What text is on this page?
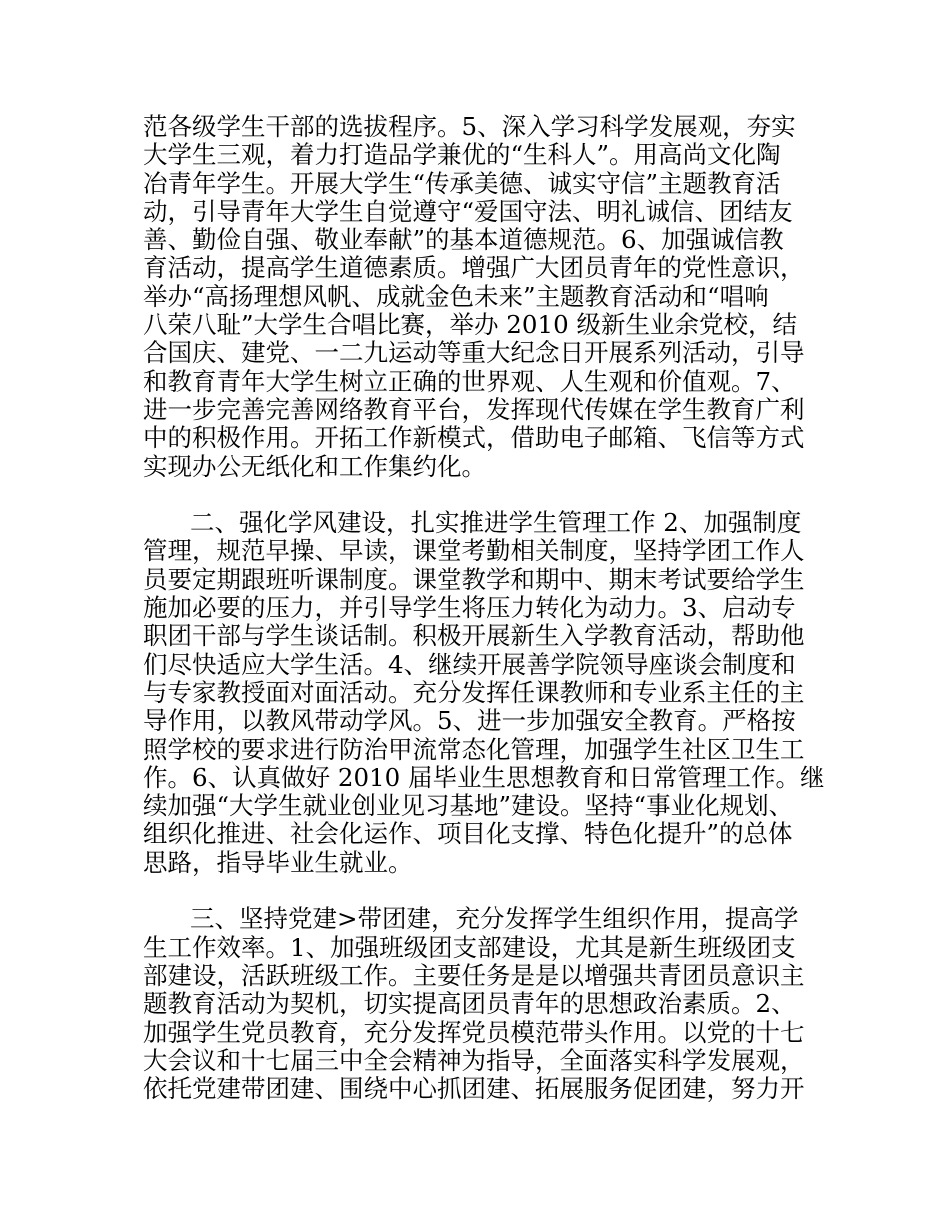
范各级学生干部的选拔程序。5、深入学习科学发展观，夯实
大学生三观，着力打造品学兼优的“生科人”。用高尚文化陶
冶青年学生。开展大学生“传承美德、诚实守信”主题教育活
动，引导青年大学生自觉遵守“爱国守法、明礼诚信、团结友
善、勤俭自强、敬业奉献”的基本道德规范。6、加强诚信教
育活动，提高学生道德素质。增强广大团员青年的党性意识，
举办“高扬理想风帆、成就金色未来”主题教育活动和“唱响
八荣八耻”大学生合唱比赛，举办 2010 级新生业余党校，结
合国庆、建党、一二九运动等重大纪念日开展系列活动，引导
和教育青年大学生树立正确的世界观、人生观和价值观。7、
进一步完善完善网络教育平台，发挥现代传媒在学生教育广利
中的积极作用。开拓工作新模式，借助电子邮箱、飞信等方式
实现办公无纸化和工作集约化。
二、强化学风建设，扎实推进学生管理工作 2、加强制度
管理，规范早操、早读，课堂考勤相关制度，坚持学团工作人
员要定期跟班听课制度。课堂教学和期中、期末考试要给学生
施加必要的压力，并引导学生将压力转化为动力。3、启动专
职团干部与学生谈话制。积极开展新生入学教育活动，帮助他
们尽快适应大学生活。4、继续开展善学院领导座谈会制度和
与专家教授面对面活动。充分发挥任课教师和专业系主任的主
导作用，以教风带动学风。5、进一步加强安全教育。严格按
照学校的要求进行防治甲流常态化管理，加强学生社区卫生工
作。6、认真做好 2010 届毕业生思想教育和日常管理工作。继
续加强“大学生就业创业见习基地”建设。坚持“事业化规划、
组织化推进、社会化运作、项目化支撑、特色化提升”的总体
思路，指导毕业生就业。
三、坚持党建>带团建，充分发挥学生组织作用，提高学
生工作效率。1、加强班级团支部建设，尤其是新生班级团支
部建设，活跃班级工作。主要任务是是以增强共青团员意识主
题教育活动为契机，切实提高团员青年的思想政治素质。2、
加强学生党员教育，充分发挥党员模范带头作用。以党的十七
大会议和十七届三中全会精神为指导，全面落实科学发展观，
依托党建带团建、围绕中心抓团建、拓展服务促团建，努力开
